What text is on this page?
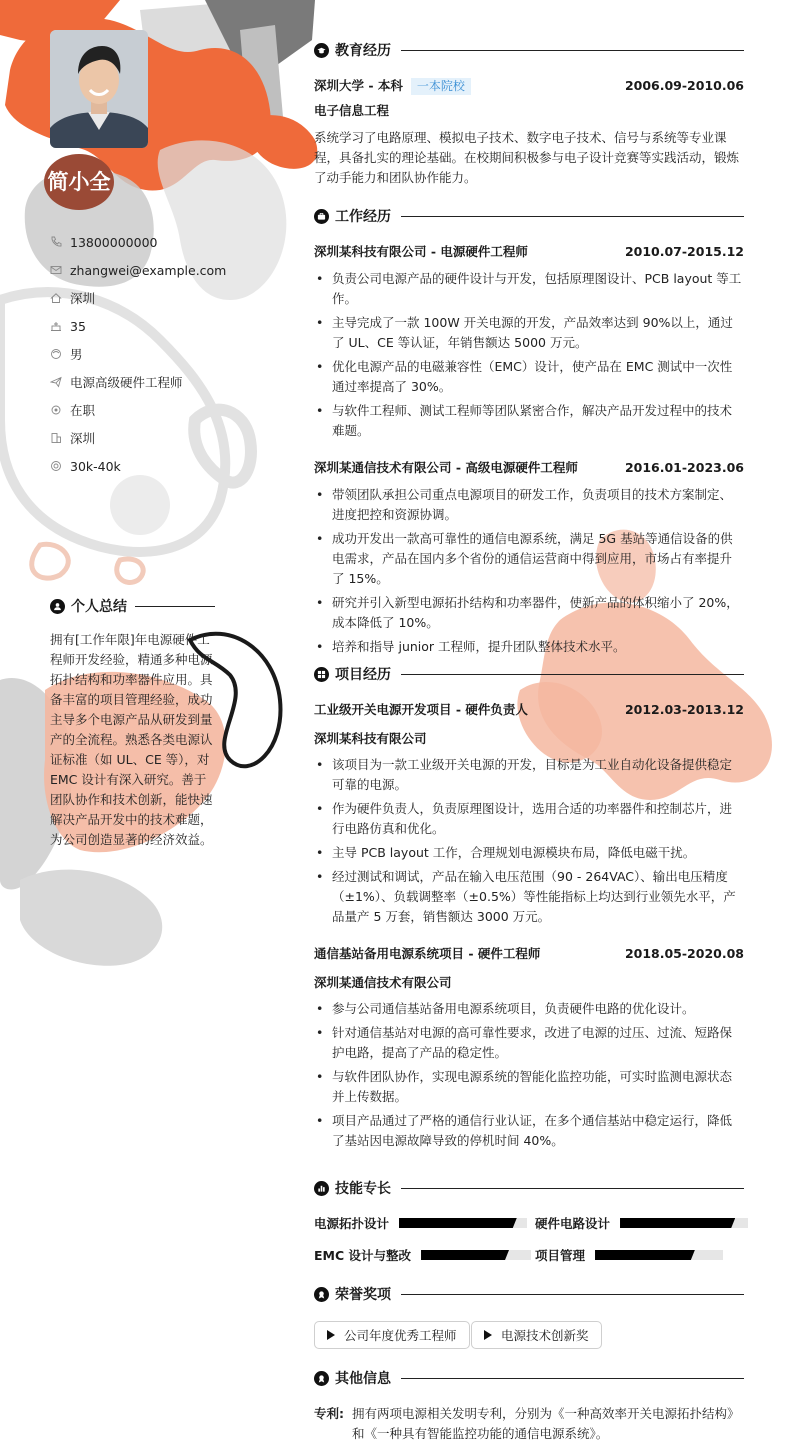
简小全
13800000000
zhangwei@example.com
深圳
35
男
电源高级硬件工程师
在职
深圳
30k-40k
个人总结
拥有[工作年限]年电源硬件工程师开发经验，精通多种电源拓扑结构和功率器件应用。具备丰富的项目管理经验，成功主导多个电源产品从研发到量产的全流程。熟悉各类电源认证标准（如 UL、CE 等），对 EMC 设计有深入研究。善于团队协作和技术创新，能快速解决产品开发中的技术难题，为公司创造显著的经济效益。
教育经历
深圳大学 - 本科 一本院校	2006.09-2010.06
电子信息工程
系统学习了电路原理、模拟电子技术、数字电子技术、信号与系统等专业课程，具备扎实的理论基础。在校期间积极参与电子设计竞赛等实践活动，锻炼了动手能力和团队协作能力。
工作经历
深圳某科技有限公司 - 电源硬件工程师	2010.07-2015.12
• 负责公司电源产品的硬件设计与开发，包括原理图设计、PCB layout 等工作。
• 主导完成了一款 100W 开关电源的开发，产品效率达到 90%以上，通过了 UL、CE 等认证，年销售额达 5000 万元。
• 优化电源产品的电磁兼容性（EMC）设计，使产品在 EMC 测试中一次性通过率提高了 30%。
• 与软件工程师、测试工程师等团队紧密合作，解决产品开发过程中的技术难题。
深圳某通信技术有限公司 - 高级电源硬件工程师	2016.01-2023.06
• 带领团队承担公司重点电源项目的研发工作，负责项目的技术方案制定、进度把控和资源协调。
• 成功开发出一款高可靠性的通信电源系统，满足 5G 基站等通信设备的供电需求，产品在国内多个省份的通信运营商中得到应用，市场占有率提升了 15%。
• 研究并引入新型电源拓扑结构和功率器件，使新产品的体积缩小了 20%，成本降低了 10%。
• 培养和指导 junior 工程师，提升团队整体技术水平。
项目经历
工业级开关电源开发项目 - 硬件负责人	2012.03-2013.12
深圳某科技有限公司
• 该项目为一款工业级开关电源的开发，目标是为工业自动化设备提供稳定可靠的电源。
• 作为硬件负责人，负责原理图设计，选用合适的功率器件和控制芯片，进行电路仿真和优化。
• 主导 PCB layout 工作，合理规划电源模块布局，降低电磁干扰。
• 经过测试和调试，产品在输入电压范围（90 - 264VAC）、输出电压精度（±1%）、负载调整率（±0.5%）等性能指标上均达到行业领先水平，产品量产 5 万套，销售额达 3000 万元。
通信基站备用电源系统项目 - 硬件工程师	2018.05-2020.08
深圳某通信技术有限公司
• 参与公司通信基站备用电源系统项目，负责硬件电路的优化设计。
• 针对通信基站对电源的高可靠性要求，改进了电源的过压、过流、短路保护电路，提高了产品的稳定性。
• 与软件团队协作，实现电源系统的智能化监控功能，可实时监测电源状态并上传数据。
• 项目产品通过了严格的通信行业认证，在多个通信基站中稳定运行，降低了基站因电源故障导致的停机时间 40%。
技能专长
电源拓扑设计	硬件电路设计
EMC 设计与整改	项目管理
荣誉奖项
公司年度优秀工程师	电源技术创新奖
其他信息
专利: 拥有两项电源相关发明专利，分别为《一种高效率开关电源拓扑结构》和《一种具有智能监控功能的通信电源系统》。
